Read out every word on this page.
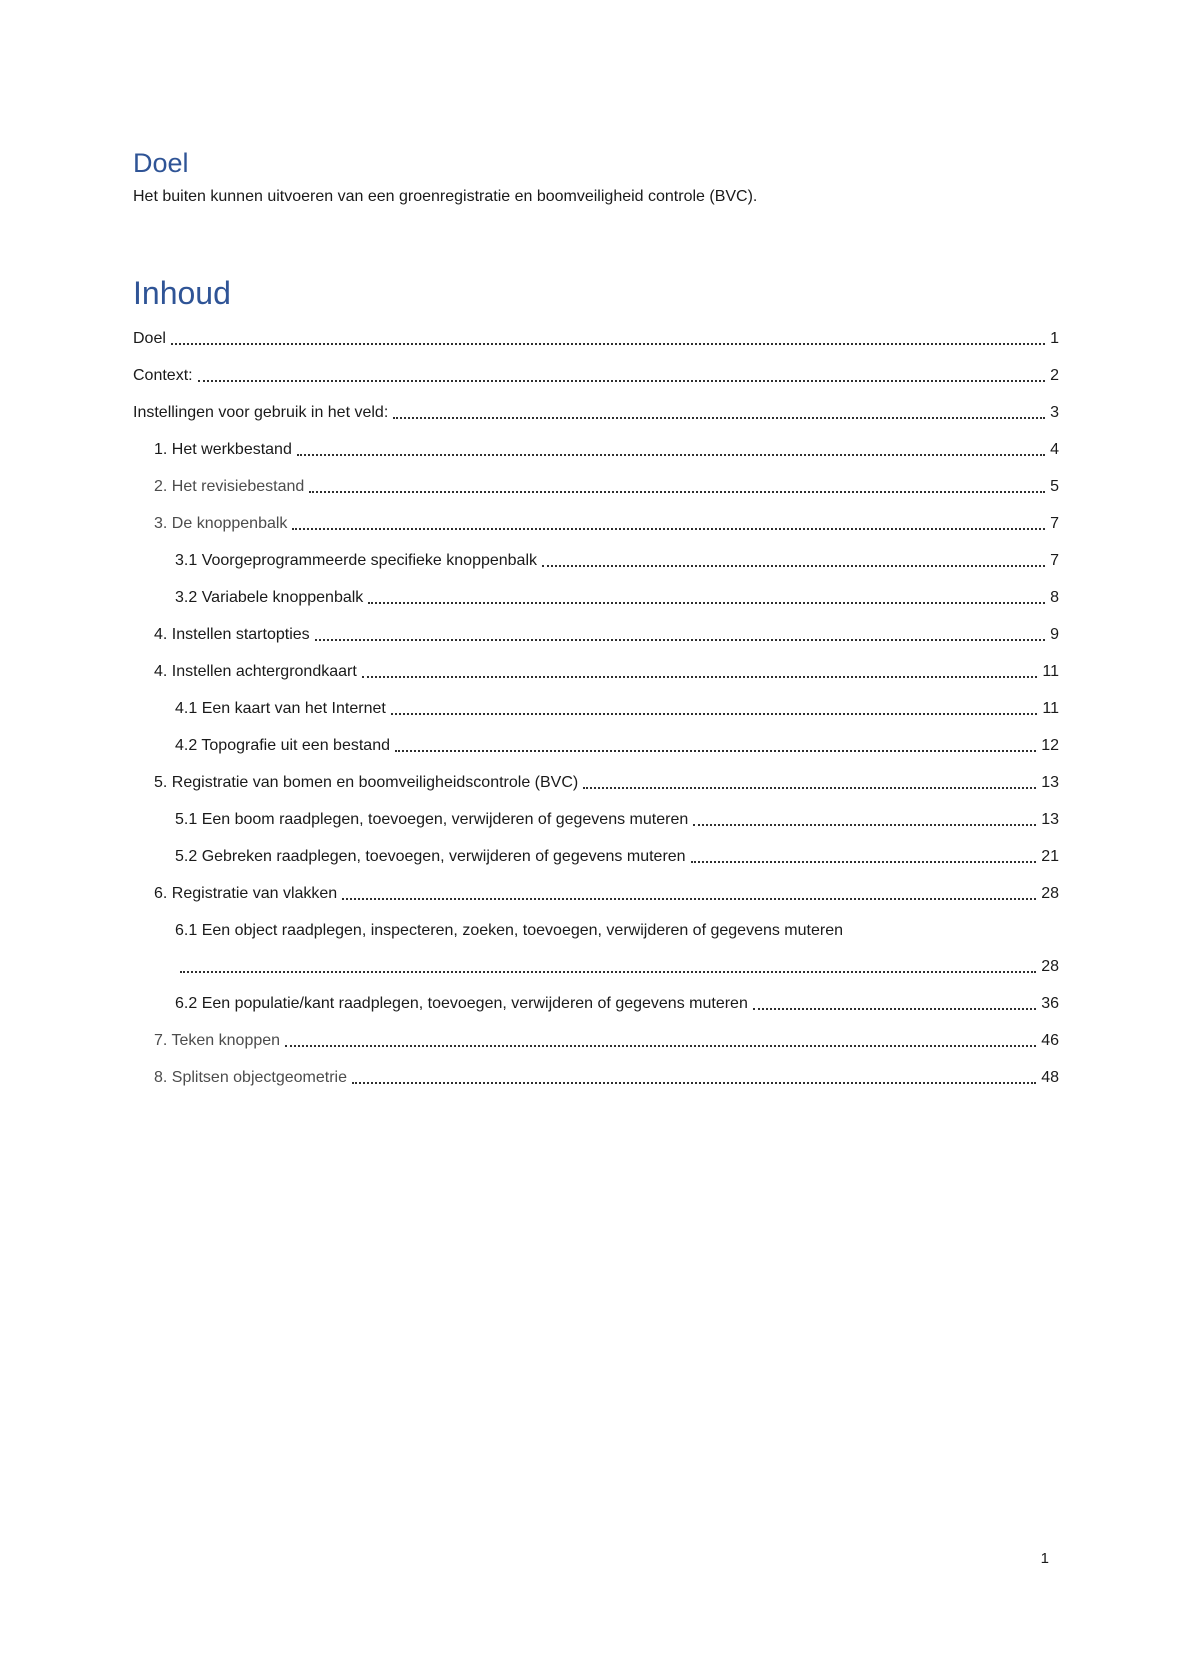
Doel

Het buiten kunnen uitvoeren van een groenregistratie en boomveiligheid controle (BVC).

Inhoud
Doel	1
Context:	2
Instellingen voor gebruik in het veld:	3
1. Het werkbestand	4
2. Het revisiebestand	5
3. De knoppenbalk	7
3.1 Voorgeprogrammeerde specifieke knoppenbalk	7
3.2 Variabele knoppenbalk	8
4. Instellen startopties	9
4. Instellen achtergrondkaart	11
4.1 Een kaart van het Internet	11
4.2 Topografie uit een bestand	12
5. Registratie van bomen en boomveiligheidscontrole (BVC)	13
5.1 Een boom raadplegen, toevoegen, verwijderen of gegevens muteren	13
5.2 Gebreken raadplegen, toevoegen, verwijderen of gegevens muteren	21
6. Registratie van vlakken	28
6.1 Een object raadplegen, inspecteren, zoeken, toevoegen, verwijderen of gegevens muteren
28
6.2 Een populatie/kant raadplegen, toevoegen, verwijderen of gegevens muteren	36
7. Teken knoppen	46
8. Splitsen objectgeometrie	48
1
